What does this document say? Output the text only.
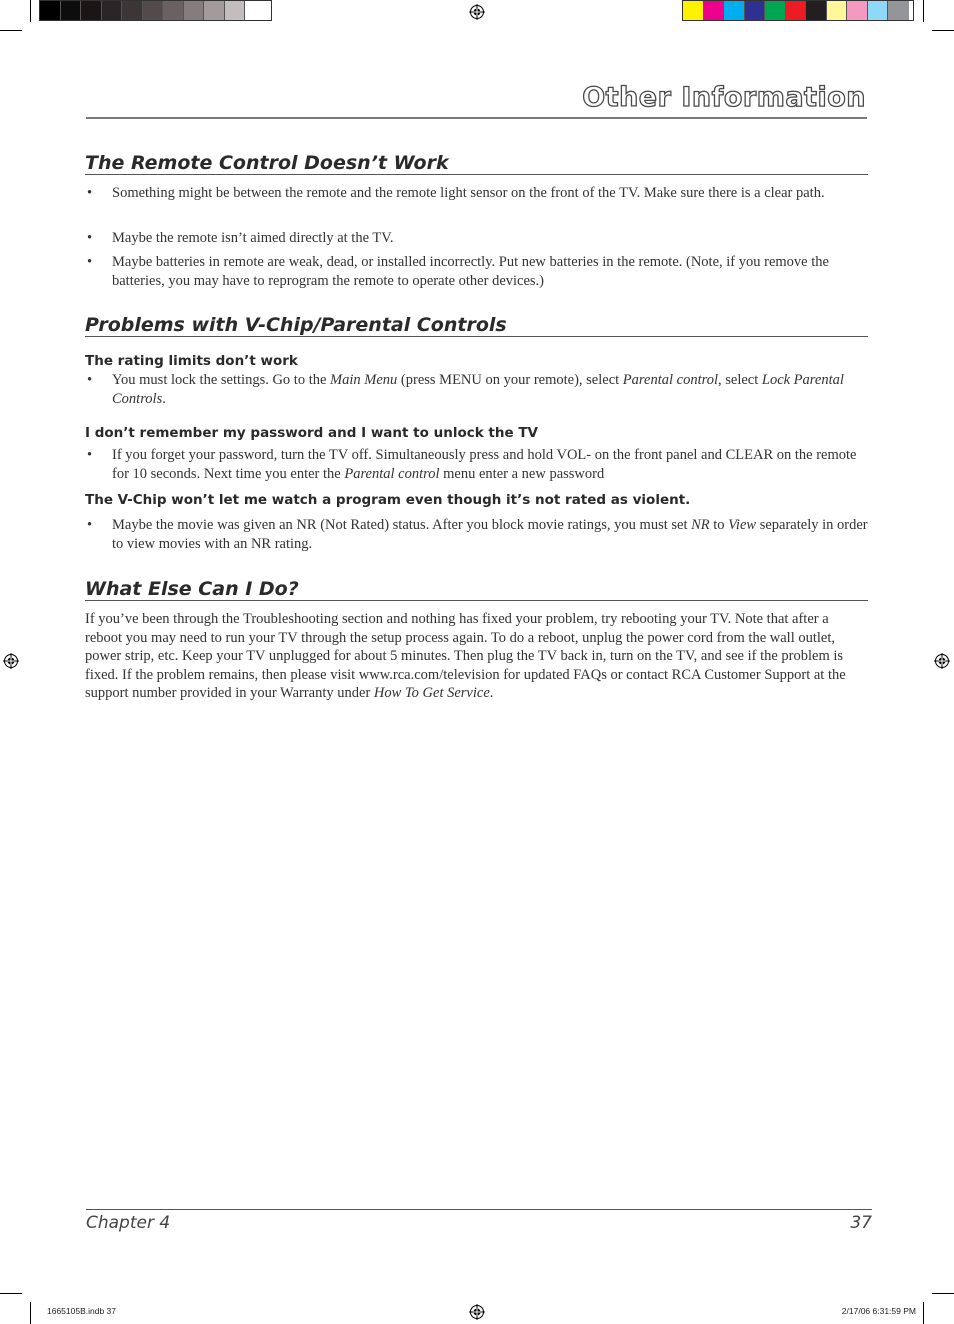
Other Information
The Remote Control Doesn’t Work
• Something might be between the remote and the remote light sensor on the front of the TV. Make sure there is a clear path.
• Maybe the remote isn’t aimed directly at the TV.
• Maybe batteries in remote are weak, dead, or installed incorrectly. Put new batteries in the remote. (Note, if you remove the batteries, you may have to reprogram the remote to operate other devices.)
Problems with V-Chip/Parental Controls
The rating limits don’t work
• You must lock the settings. Go to the Main Menu (press MENU on your remote), select Parental control, select Lock Parental Controls.
I don’t remember my password and I want to unlock the TV
• If you forget your password, turn the TV off. Simultaneously press and hold VOL- on the front panel and CLEAR on the remote for 10 seconds. Next time you enter the Parental control menu enter a new password
The V-Chip won’t let me watch a program even though it’s not rated as violent.
• Maybe the movie was given an NR (Not Rated) status. After you block movie ratings, you must set NR to View separately in order to view movies with an NR rating.
What Else Can I Do?
If you’ve been through the Troubleshooting section and nothing has fixed your problem, try rebooting your TV. Note that after a reboot you may need to run your TV through the setup process again. To do a reboot, unplug the power cord from the wall outlet, power strip, etc. Keep your TV unplugged for about 5 minutes. Then plug the TV back in, turn on the TV, and see if the problem is fixed. If the problem remains, then please visit www.rca.com/television for updated FAQs or contact RCA Customer Support at the support number provided in your Warranty under How To Get Service.
Chapter 4	37
1665105B.indb 37	2/17/06 6:31:59 PM
